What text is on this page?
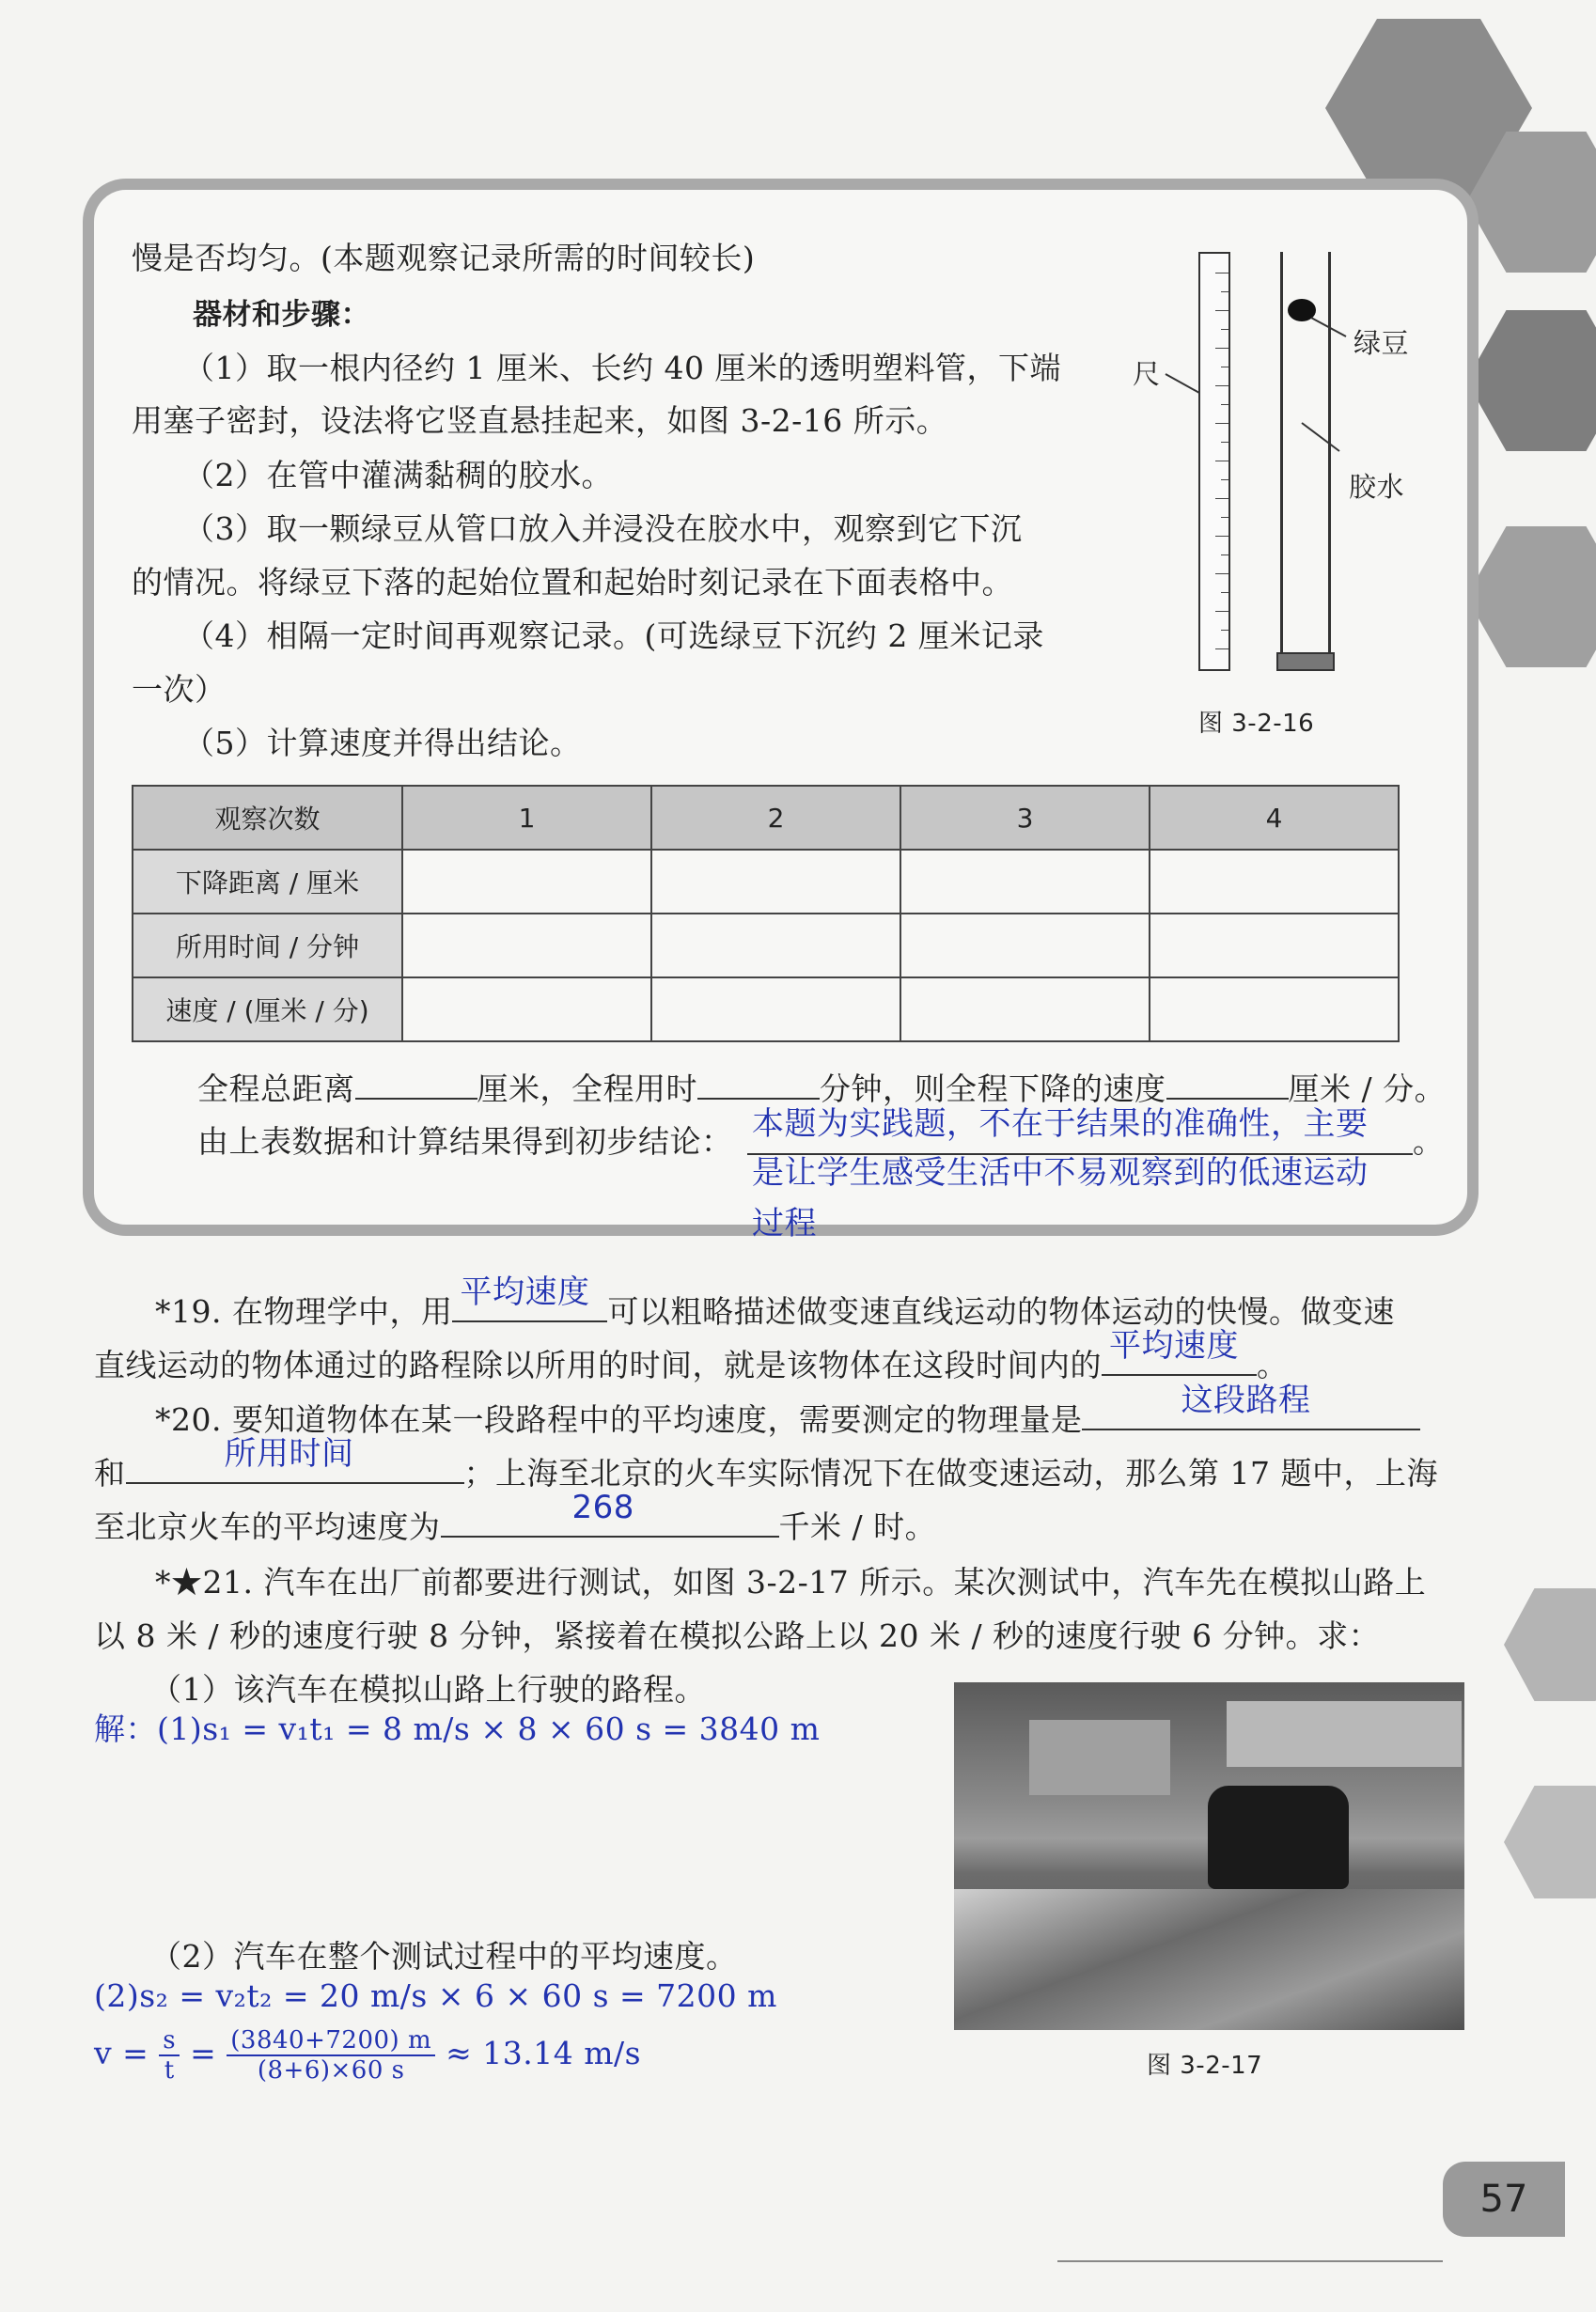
慢是否均匀。(本题观察记录所需的时间较长)
器材和步骤：
（1）取一根内径约 1 厘米、长约 40 厘米的透明塑料管，下端
用塞子密封，设法将它竖直悬挂起来，如图 3-2-16 所示。
（2）在管中灌满黏稠的胶水。
（3）取一颗绿豆从管口放入并浸没在胶水中，观察到它下沉
的情况。将绿豆下落的起始位置和起始时刻记录在下面表格中。
（4）相隔一定时间再观察记录。(可选绿豆下沉约 2 厘米记录
一次）
（5）计算速度并得出结论。
尺
绿豆
胶水
图 3-2-16
观察次数	1	2	3	4
下降距离 / 厘米				
所用时间 / 分钟				
速度 / (厘米 / 分)				
全程总距离	厘米，全程用时	分钟，则全程下降的速度	厘米 / 分。
由上表数据和计算结果得到初步结论： 本题为实践题，不在于结果的准确性，主要 。
是让学生感受生活中不易观察到的低速运动
过程
*19. 在物理学中，用
平均速度
可以粗略描述做变速直线运动的物体运动的快慢。做变速
直线运动的物体通过的路程除以所用的时间，就是该物体在这段时间内的
平均速度
。
*20. 要知道物体在某一段路程中的平均速度，需要测定的物理量是
这段路程
和
所用时间
；上海至北京的火车实际情况下在做变速运动，那么第 17 题中，上海
至北京火车的平均速度为
268
千米 / 时。
*★21. 汽车在出厂前都要进行测试，如图 3-2-17 所示。某次测试中，汽车先在模拟山路上
以 8 米 / 秒的速度行驶 8 分钟，紧接着在模拟公路上以 20 米 / 秒的速度行驶 6 分钟。求：
（1）该汽车在模拟山路上行驶的路程。
解：(1)s₁ = v₁t₁ = 8 m/s × 8 × 60 s = 3840 m
图 3-2-17
（2）汽车在整个测试过程中的平均速度。
(2)s₂ = v₂t₂ = 20 m/s × 6 × 60 s = 7200 m
$v = \frac{s}{t} = \frac{(3840+7200) m}{(8+6)\times 60 s} \approx 13.14$ m/s
57
